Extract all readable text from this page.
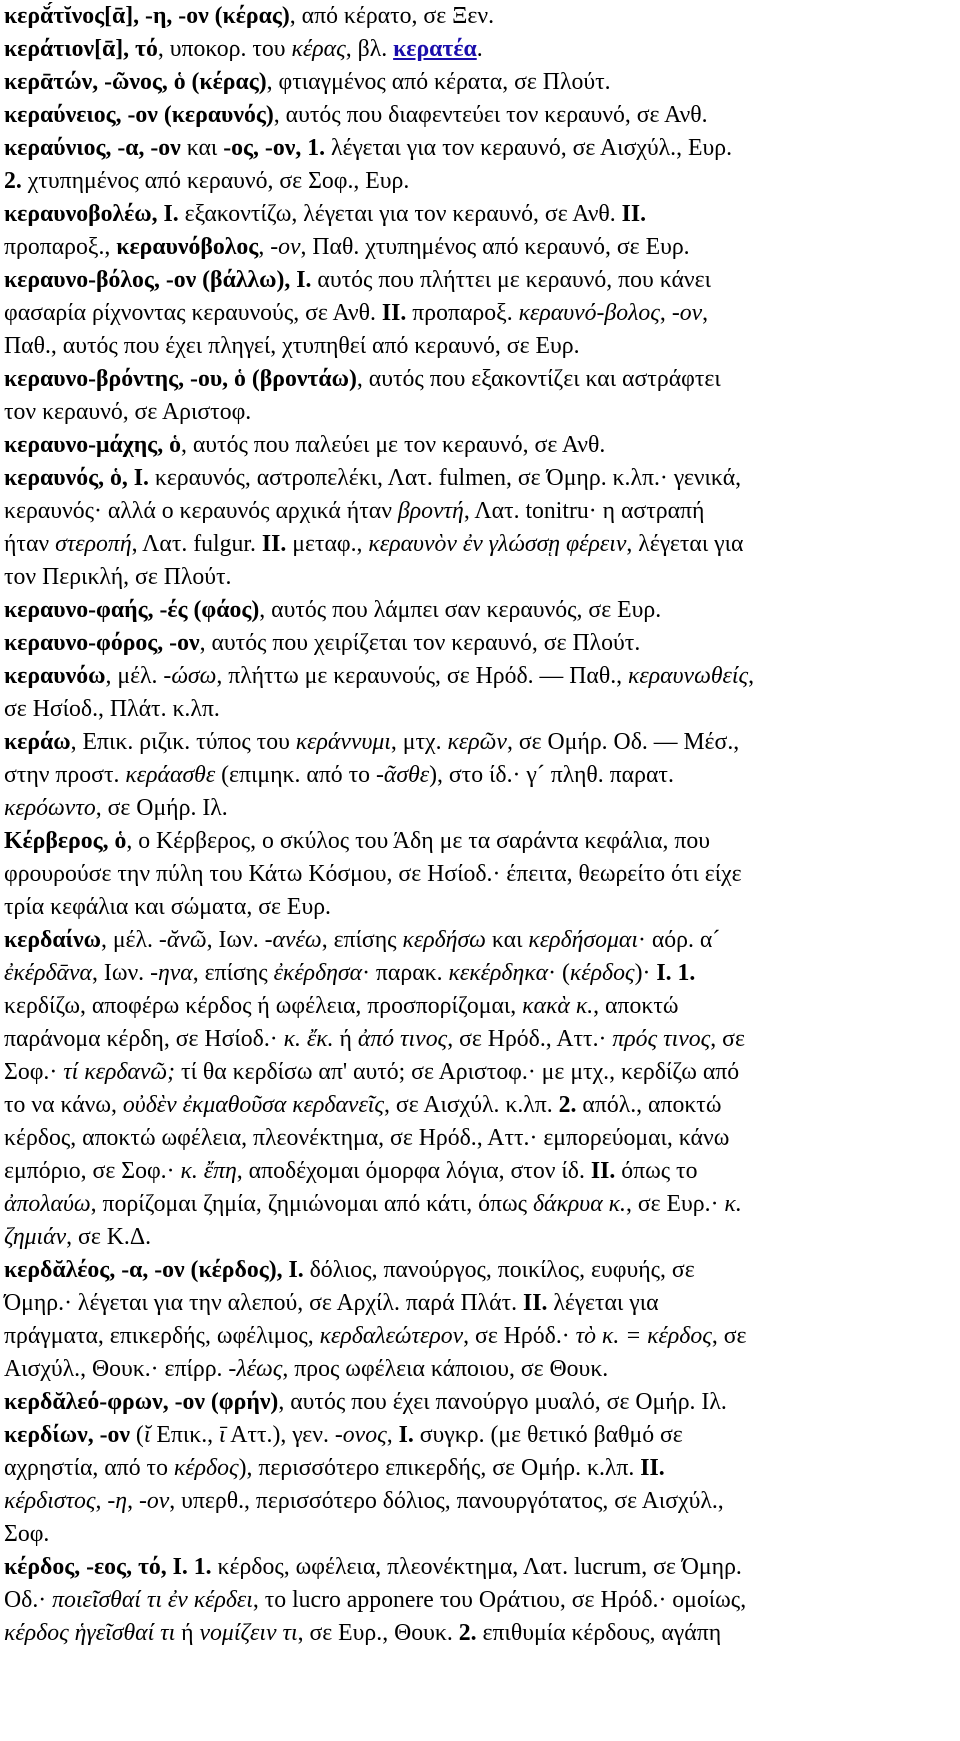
κερᾰ́τῐνος[ᾱ], -η, -ον (κέρας), από κέρατο, σε Ξεν.
κεράτιον[ᾱ], τό, υποκορ. του κέρας, βλ. κερατέα.
κερᾱτών, -ῶνος, ὁ (κέρας), φτιαγμένος από κέρατα, σε Πλούτ.
κεραύνειος, -ον (κεραυνός), αυτός που διαφεντεύει τον κεραυνό, σε Ανθ.
κεραύνιος, -α, -ον και -ος, -ον, 1. λέγεται για τον κεραυνό, σε Αισχύλ., Ευρ.
2. χτυπημένος από κεραυνό, σε Σοφ., Ευρ.
κεραυνοβολέω, I. εξακοντίζω, λέγεται για τον κεραυνό, σε Ανθ. II.
προπαροξ., κεραυνόβολος, -ον, Παθ. χτυπημένος από κεραυνό, σε Ευρ.
κεραυνο-βόλος, -ον (βάλλω), I. αυτός που πλήττει με κεραυνό, που κάνει
φασαρία ρίχνοντας κεραυνούς, σε Ανθ. II. προπαροξ. κεραυνό-βολος, -ον,
Παθ., αυτός που έχει πληγεί, χτυπηθεί από κεραυνό, σε Ευρ.
κεραυνο-βρόντης, -ου, ὁ (βροντάω), αυτός που εξακοντίζει και αστράφτει
τον κεραυνό, σε Αριστοφ.
κεραυνο-μάχης, ὁ, αυτός που παλεύει με τον κεραυνό, σε Ανθ.
κεραυνός, ὁ, I. κεραυνός, αστροπελέκι, Λατ. fulmen, σε Όμηρ. κ.λπ.· γενικά,
κεραυνός· αλλά ο κεραυνός αρχικά ήταν βροντή, Λατ. tonitru· η αστραπή
ήταν στεροπή, Λατ. fulgur. II. μεταφ., κεραυνὸν ἐν γλώσσῃ φέρειν, λέγεται για
τον Περικλή, σε Πλούτ.
κεραυνο-φαής, -ές (φάος), αυτός που λάμπει σαν κεραυνός, σε Ευρ.
κεραυνο-φόρος, -ον, αυτός που χειρίζεται τον κεραυνό, σε Πλούτ.
κεραυνόω, μέλ. -ώσω, πλήττω με κεραυνούς, σε Ηρόδ. ― Παθ., κεραυνωθείς,
σε Ησίοδ., Πλάτ. κ.λπ.
κεράω, Επικ. ριζικ. τύπος του κεράννυμι, μτχ. κερῶν, σε Ομήρ. Οδ. ― Μέσ.,
στην προστ. κεράασθε (επιμηκ. από το -ᾶσθε), στο ίδ.· γ´ πληθ. παρατ.
κερόωντο, σε Ομήρ. Ιλ.
Κέρβερος, ὁ, ο Κέρβερος, ο σκύλος του Άδη με τα σαράντα κεφάλια, που
φρουρούσε την πύλη του Κάτω Κόσμου, σε Ησίοδ.· έπειτα, θεωρείτο ότι είχε
τρία κεφάλια και σώματα, σε Ευρ.
κερδαίνω, μέλ. -ᾰνῶ, Ιων. -ανέω, επίσης κερδήσω και κερδήσομαι· αόρ. α´
ἐκέρδᾱνα, Ιων. -ηνα, επίσης ἐκέρδησα· παρακ. κεκέρδηκα· (κέρδος)· I. 1.
κερδίζω, αποφέρω κέρδος ή ωφέλεια, προσπορίζομαι, κακὰ κ., αποκτώ
παράνομα κέρδη, σε Ησίοδ.· κ. ἔκ. ή ἀπό τινος, σε Ηρόδ., Αττ.· πρός τινος, σε
Σοφ.· τί κερδανῶ; τί θα κερδίσω απ' αυτό; σε Αριστοφ.· με μτχ., κερδίζω από
το να κάνω, οὐδὲν ἐκμαθοῦσα κερδανεῖς, σε Αισχύλ. κ.λπ. 2. απόλ., αποκτώ
κέρδος, αποκτώ ωφέλεια, πλεονέκτημα, σε Ηρόδ., Αττ.· εμπορεύομαι, κάνω
εμπόριο, σε Σοφ.· κ. ἔπη, αποδέχομαι όμορφα λόγια, στον ίδ. II. όπως το
ἀπολαύω, πορίζομαι ζημία, ζημιώνομαι από κάτι, όπως δάκρυα κ., σε Ευρ.· κ.
ζημιάν, σε Κ.Δ.
κερδᾰλέος, -α, -ον (κέρδος), I. δόλιος, πανούργος, ποικίλος, ευφυής, σε
Όμηρ.· λέγεται για την αλεπού, σε Αρχίλ. παρά Πλάτ. II. λέγεται για
πράγματα, επικερδής, ωφέλιμος, κερδαλεώτερον, σε Ηρόδ.· τὸ κ. = κέρδος, σε
Αισχύλ., Θουκ.· επίρρ. -λέως, προς ωφέλεια κάποιου, σε Θουκ.
κερδᾰλεό-φρων, -ον (φρήν), αυτός που έχει πανούργο μυαλό, σε Ομήρ. Ιλ.
κερδίων, -ον (ῐ Επικ., ῑ Αττ.), γεν. -ονος, I. συγκρ. (με θετικό βαθμό σε
αχρηστία, από το κέρδος), περισσότερο επικερδής, σε Ομήρ. κ.λπ. II.
κέρδιστος, -η, -ον, υπερθ., περισσότερο δόλιος, πανουργότατος, σε Αισχύλ.,
Σοφ.
κέρδος, -εος, τό, I. 1. κέρδος, ωφέλεια, πλεονέκτημα, Λατ. lucrum, σε Όμηρ.
Οδ.· ποιεῖσθαί τι ἐν κέρδει, το lucro apponere του Οράτιου, σε Ηρόδ.· ομοίως,
κέρδος ἡγεῖσθαί τι ή νομίζειν τι, σε Ευρ., Θουκ. 2. επιθυμία κέρδους, αγάπη
